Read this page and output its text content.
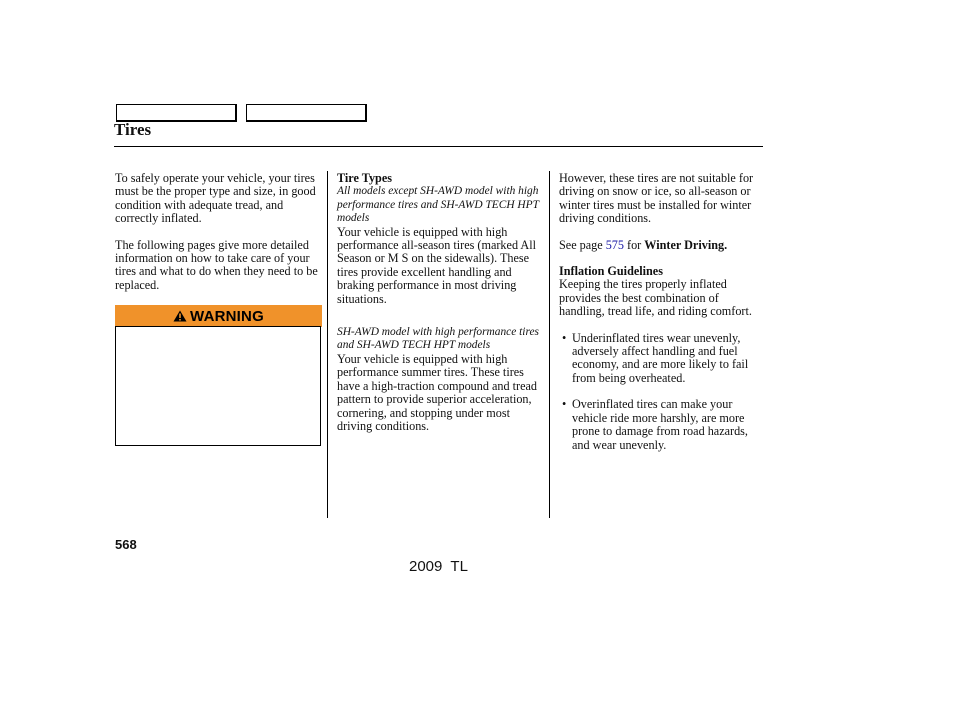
Tires

To safely operate your vehicle, your tires must be the proper type and size, in good condition with adequate tread, and correctly inflated.

The following pages give more detailed information on how to take care of your tires and what to do when they need to be replaced.

WARNING

Tire Types

All models except SH-AWD model with high performance tires and SH-AWD TECH HPT models

Your vehicle is equipped with high performance all-season tires (marked All Season or M S on the sidewalls). These tires provide excellent handling and braking performance in most driving situations.

SH-AWD model with high performance tires and SH-AWD TECH HPT models

Your vehicle is equipped with high performance summer tires. These tires have a high-traction compound and tread pattern to provide superior acceleration, cornering, and stopping under most driving conditions.

However, these tires are not suitable for driving on snow or ice, so all-season or winter tires must be installed for winter driving conditions.

See page 575 for Winter Driving.

Inflation Guidelines

Keeping the tires properly inflated provides the best combination of handling, tread life, and riding comfort.

• Underinflated tires wear unevenly, adversely affect handling and fuel economy, and are more likely to fail from being overheated.
• Overinflated tires can make your vehicle ride more harshly, are more prone to damage from road hazards, and wear unevenly.
568
2009  TL
